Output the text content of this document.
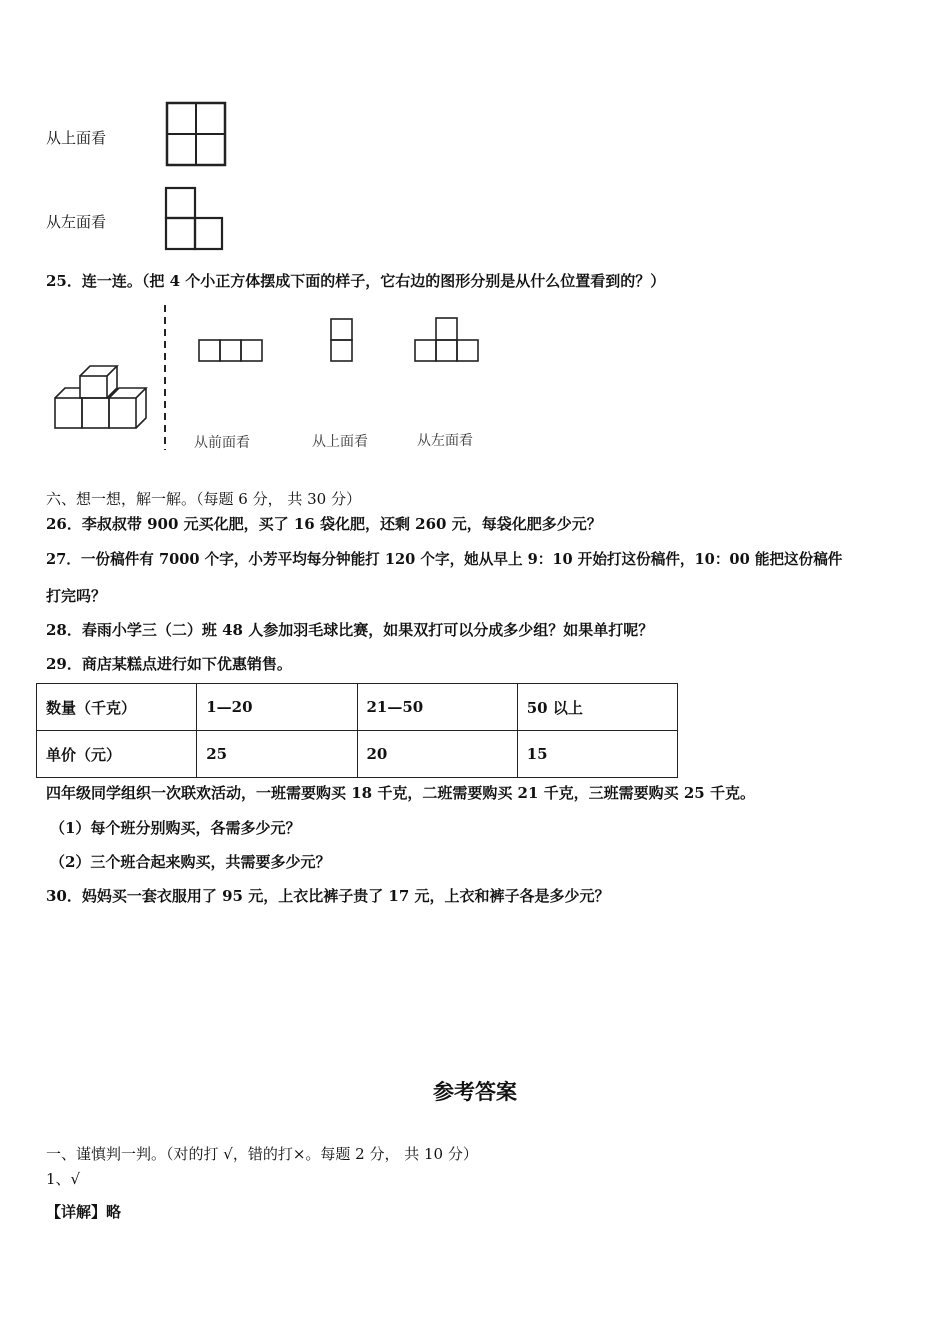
从上面看
从左面看
25．连一连。（把 4 个小正方体摆成下面的样子，它右边的图形分别是从什么位置看到的？）
从前面看	从上面看	从左面看
六、想一想，解一解。（每题 6 分， 共 30 分）
26．李叔叔带 900 元买化肥，买了 16 袋化肥，还剩 260 元，每袋化肥多少元？
27．一份稿件有 7000 个字，小芳平均每分钟能打 120 个字，她从早上 9：10 开始打这份稿件，10：00 能把这份稿件
打完吗？
28．春雨小学三（二）班 48 人参加羽毛球比赛，如果双打可以分成多少组？如果单打呢？
29．商店某糕点进行如下优惠销售。
数量（千克）	1—20	21—50	50 以上
单价（元）	25	20	15
四年级同学组织一次联欢活动，一班需要购买 18 千克，二班需要购买 21 千克，三班需要购买 25 千克。
（1）每个班分别购买，各需多少元？
（2）三个班合起来购买，共需要多少元？
30．妈妈买一套衣服用了 95 元，上衣比裤子贵了 17 元，上衣和裤子各是多少元？
参考答案
一、谨慎判一判。（对的打 √，错的打×。每题 2 分， 共 10 分）
1、√
【详解】略
